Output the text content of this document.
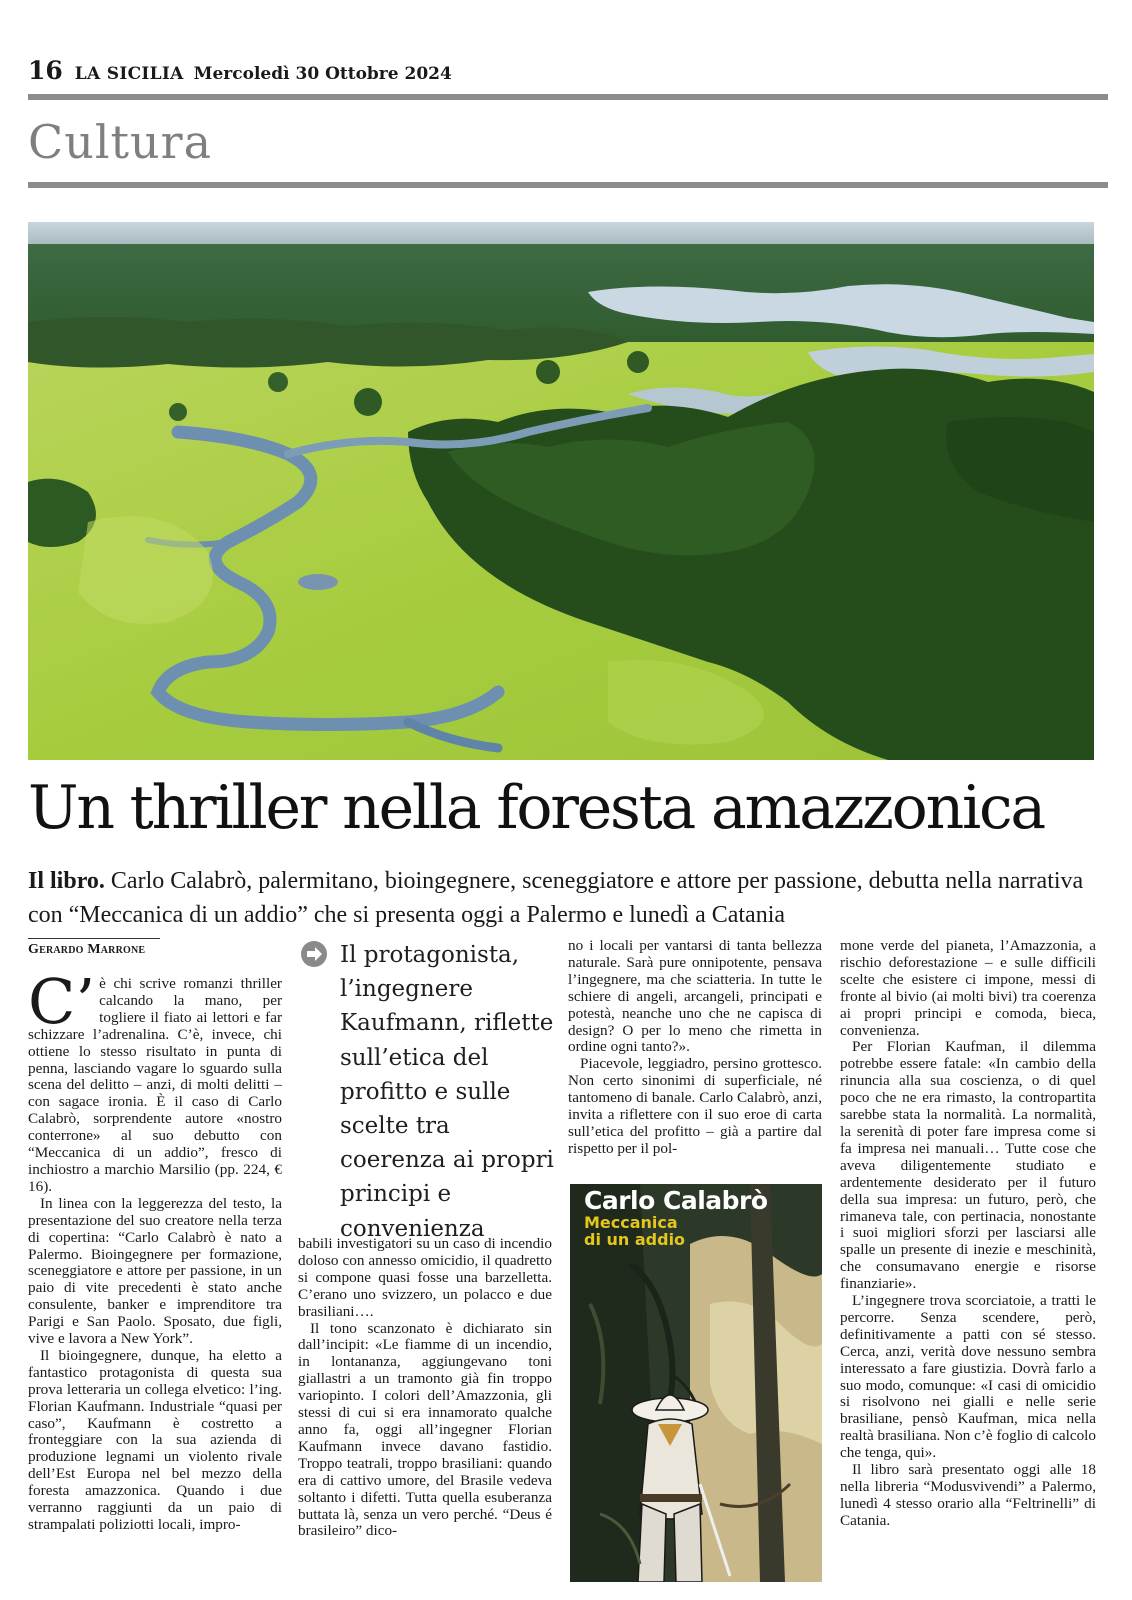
16 LA SICILIA Mercoledì 30 Ottobre 2024
Cultura
Un thriller nella foresta amazzonica
Il libro. Carlo Calabrò, palermitano, bioingegnere, sceneggiatore e attore per passione, debutta nella narrativa con “Meccanica di un addio” che si presenta oggi a Palermo e lunedì a Catania
Gerardo Marrone

C’ è chi scrive romanzi thriller calcando la mano, per togliere il fiato ai lettori e far schizzare l’adrenalina. C’è, invece, chi ottiene lo stesso risultato in punta di penna, lasciando vagare lo sguardo sulla scena del delitto – anzi, di molti delitti – con sagace ironia. È il caso di Carlo Calabrò, sorprendente autore «nostro conterrone» al suo debutto con “Meccanica di un addio”, fresco di inchiostro a marchio Marsilio (pp. 224, € 16).

In linea con la leggerezza del testo, la presentazione del suo creatore nella terza di copertina: “Carlo Calabrò è nato a Palermo. Bioingegnere per formazione, sceneggiatore e attore per passione, in un paio di vite precedenti è stato anche consulente, banker e imprenditore tra Parigi e San Paolo. Sposato, due figli, vive e lavora a New York”.

Il bioingegnere, dunque, ha eletto a fantastico protagonista di questa sua prova letteraria un collega elvetico: l’ing. Florian Kaufmann. Industriale “quasi per caso”, Kaufmann è costretto a fronteggiare con la sua azienda di produzione legnami un violento rivale dell’Est Europa nel bel mezzo della foresta amazzonica. Quando i due verranno raggiunti da un paio di strampalati poliziotti locali, impro-

Il protagonista, l’ingegnere Kaufmann, riflette sull’etica del profitto e sulle scelte tra coerenza ai propri principi e convenienza

babili investigatori su un caso di incendio doloso con annesso omicidio, il quadretto si compone quasi fosse una barzelletta. C’erano uno svizzero, un polacco e due brasiliani….

Il tono scanzonato è dichiarato sin dall’incipit: «Le fiamme di un incendio, in lontananza, aggiungevano toni giallastri a un tramonto già fin troppo variopinto. I colori dell’Amazzonia, gli stessi di cui si era innamorato qualche anno fa, oggi all’ingegner Florian Kaufmann invece davano fastidio. Troppo teatrali, troppo brasiliani: quando era di cattivo umore, del Brasile vedeva soltanto i difetti. Tutta quella esuberanza buttata là, senza un vero perché. “Deus é brasileiro” dico-

no i locali per vantarsi di tanta bellezza naturale. Sarà pure onnipotente, pensava l’ingegnere, ma che sciatteria. In tutte le schiere di angeli, arcangeli, principati e potestà, neanche uno che ne capisca di design? O per lo meno che rimetta in ordine ogni tanto?».

Piacevole, leggiadro, persino grottesco. Non certo sinonimi di superficiale, né tantomeno di banale. Carlo Calabrò, anzi, invita a riflettere con il suo eroe di carta sull’etica del profitto – già a partire dal rispetto per il pol-

Carlo Calabrò
Meccanica
di un addio

mone verde del pianeta, l’Amazzonia, a rischio deforestazione – e sulle difficili scelte che esistere ci impone, messi di fronte al bivio (ai molti bivi) tra coerenza ai propri principi e comoda, bieca, convenienza.

Per Florian Kaufman, il dilemma potrebbe essere fatale: «In cambio della rinuncia alla sua coscienza, o di quel poco che ne era rimasto, la contropartita sarebbe stata la normalità. La normalità, la serenità di poter fare impresa come si fa impresa nei manuali… Tutte cose che aveva diligentemente studiato e ardentemente desiderato per il futuro della sua impresa: un futuro, però, che rimaneva tale, con pertinacia, nonostante i suoi migliori sforzi per lasciarsi alle spalle un presente di inezie e meschinità, che consumavano energie e risorse finanziarie».

L’ingegnere trova scorciatoie, a tratti le percorre. Senza scendere, però, definitivamente a patti con sé stesso. Cerca, anzi, verità dove nessuno sembra interessato a fare giustizia. Dovrà farlo a suo modo, comunque: «I casi di omicidio si risolvono nei gialli e nelle serie brasiliane, pensò Kaufman, mica nella realtà brasiliana. Non c’è foglio di calcolo che tenga, qui».

Il libro sarà presentato oggi alle 18 nella libreria “Modusvivendi” a Palermo, lunedì 4 stesso orario alla “Feltrinelli” di Catania.
